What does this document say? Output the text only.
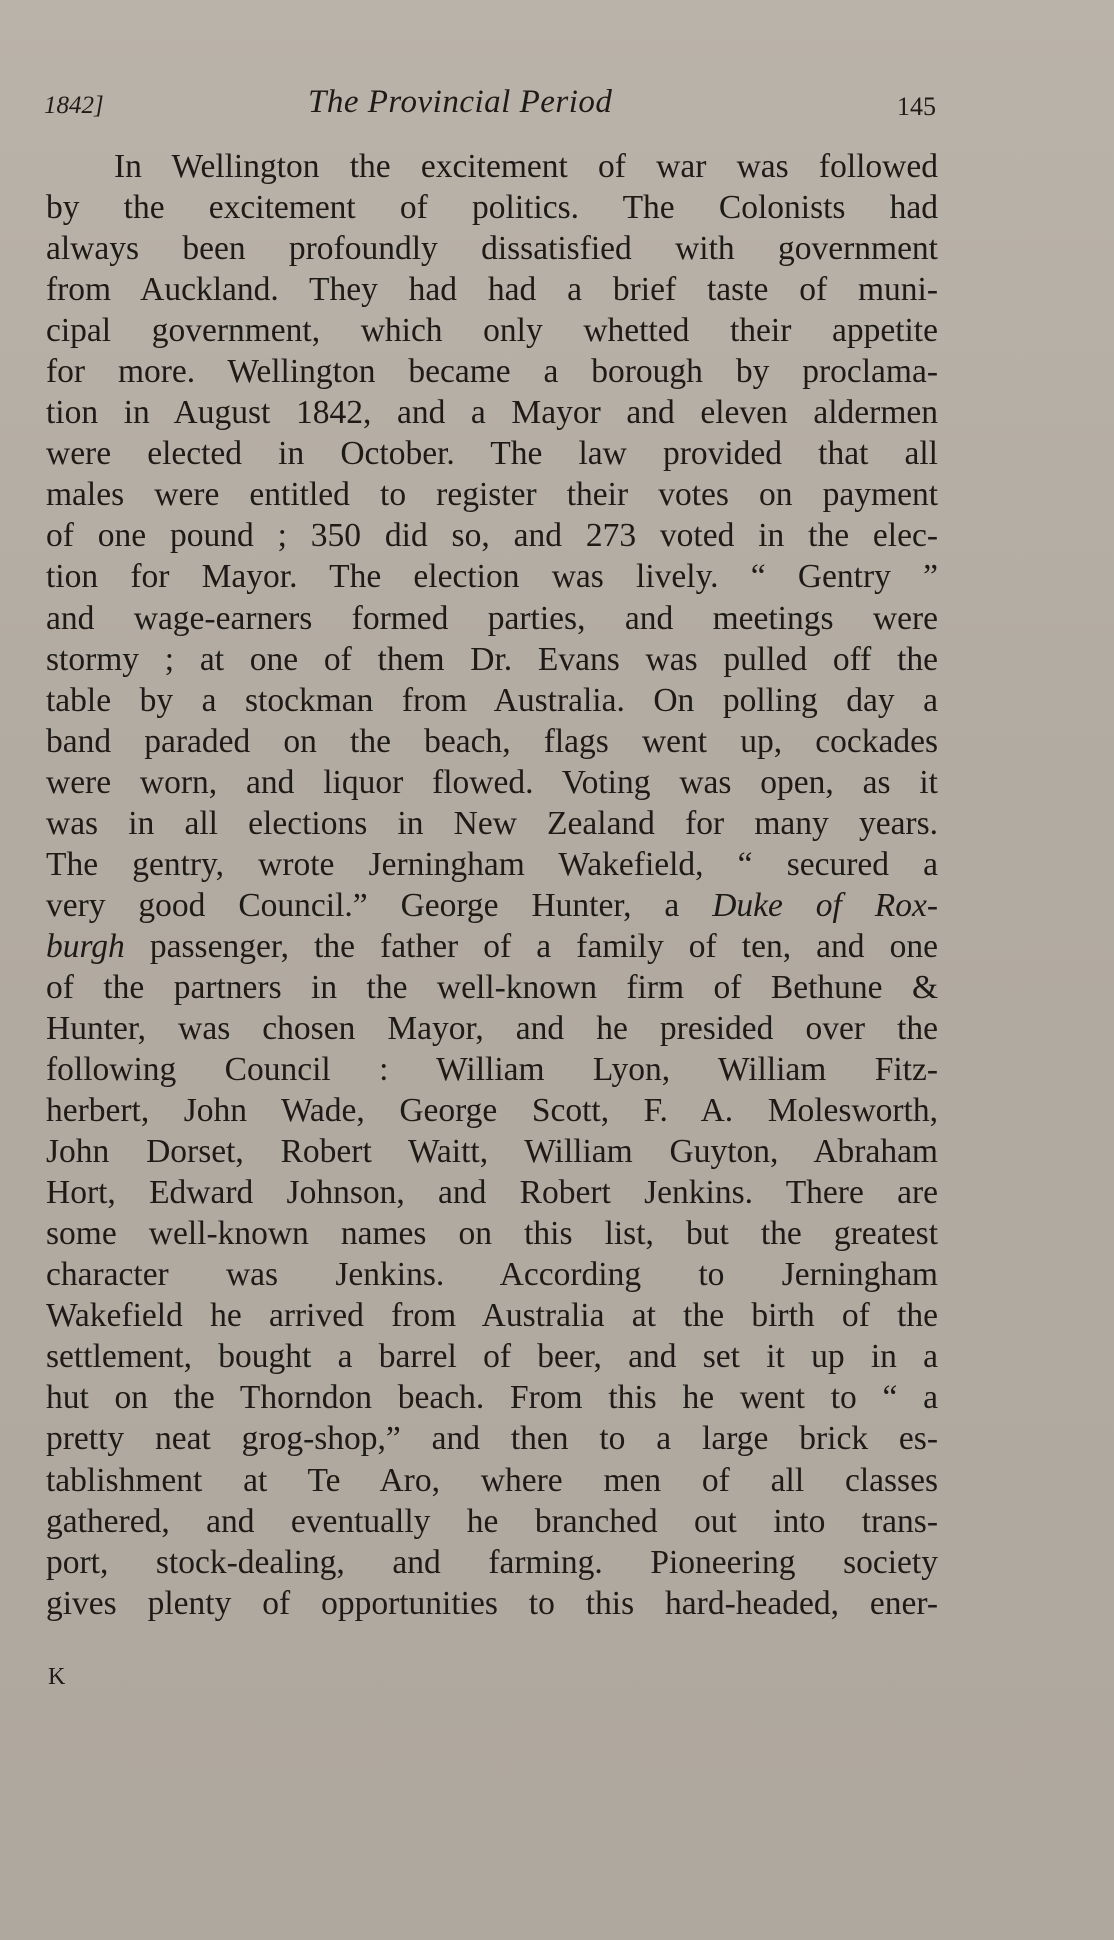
1842]	The Provincial Period	145

In Wellington the excitement of war was followed
by the excitement of politics. The Colonists had
always been profoundly dissatisfied with government
from Auckland. They had had a brief taste of muni-
cipal government, which only whetted their appetite
for more. Wellington became a borough by proclama-
tion in August 1842, and a Mayor and eleven aldermen
were elected in October. The law provided that all
males were entitled to register their votes on payment
of one pound ; 350 did so, and 273 voted in the elec-
tion for Mayor. The election was lively. “ Gentry ”
and wage-earners formed parties, and meetings were
stormy ; at one of them Dr. Evans was pulled off the
table by a stockman from Australia. On polling day a
band paraded on the beach, flags went up, cockades
were worn, and liquor flowed. Voting was open, as it
was in all elections in New Zealand for many years.
The gentry, wrote Jerningham Wakefield, “ secured a
very good Council.” George Hunter, a Duke of Rox-
burgh passenger, the father of a family of ten, and one
of the partners in the well-known firm of Bethune &
Hunter, was chosen Mayor, and he presided over the
following Council : William Lyon, William Fitz-
herbert, John Wade, George Scott, F. A. Molesworth,
John Dorset, Robert Waitt, William Guyton, Abraham
Hort, Edward Johnson, and Robert Jenkins. There are
some well-known names on this list, but the greatest
character was Jenkins. According to Jerningham
Wakefield he arrived from Australia at the birth of the
settlement, bought a barrel of beer, and set it up in a
hut on the Thorndon beach. From this he went to “ a
pretty neat grog-shop,” and then to a large brick es-
tablishment at Te Aro, where men of all classes
gathered, and eventually he branched out into trans-
port, stock-dealing, and farming. Pioneering society
gives plenty of opportunities to this hard-headed, ener-

K
